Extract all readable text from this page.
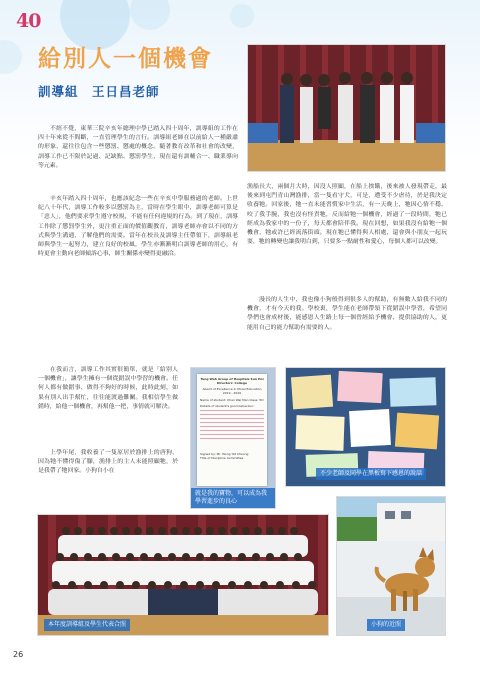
40
給別人一個機會
訓導組　王日昌老師

不經不覺，東華三院辛亥年總理中學已踏入四十周年，訓導組的工作在四十年來從不間斷，一直管理學生的言行。訓導組老師在以前給人一種嚴肅的形象，還往往包含一些懲罰、懲處的概念。隨著教育改革和社會的改變，訓導工作已不限於記過、記缺點、懲罰學生，現在還有訓輔合一、職業導向等元素。

辛亥年踏入四十周年，也應該紀念一些在辛亥中學服務過的老師。上世紀八十年代，訓導工作較多以懲罰為主，當時在學生眼中，訓導老師可算是「惡人」，他們要求學生遵守校規，不能有任何違規的行為。到了現在，訓導工作除了懲罰學生外，更注重正面的價值觀教育，訓導老師亦會以不同的方式與學生溝通，了解他們的需要。當年在校長及訓導主任帶領下，訓導組老師與學生一起努力，建立良好的校風，學生亦漸漸明白訓導老師的用心，有時更會主動向老師傾訴心事，師生關係亦變得更融洽。

在我而言，訓導工作其實很簡單，就是「給別人一個機會」，讓學生擁有一個從錯誤中學習的機會。任何人都有做錯事、做得不夠好的時候，此時此刻，如果有別人出手幫忙，往往能渡過難關。我相信學生做錯時，給他一個機會，再幫他一把，事情就可解決。

上學年尾，我收養了一隻原居於漁排上的唐狗，因為牠不懂得傷了腳，漁排上的主人未能照顧牠，於是我帶了牠回家。小狗自小在

漁船長大，兩個月大時，因沒人照顧，在船上挨餓，後來被人發現帶走，最後來到屯門青山灣漁排，當一隻看守犬，可是，遭受不少虐待，於是我決定收養牠。回家後，牠一直未能習慣家中生活，有一天晚上，牠因心情不穩，咬了我手腕，我也沒有怪責牠，反而給牠一個機會，經過了一段時間，牠已經成為我家中的一份子，每天都會陪伴我。現在回想，如果我沒有給牠一個機會，牠或許已經流落街頭。現在牠已懂得與人相處，還會與小朋友一起玩耍，牠的轉變也讓我明白到，只要多一點耐性和愛心，每個人都可以改變。

漫長的人生中，我也像小狗般得到很多人的幫助，有無數人給我不同的機會，才有今天的我。學校裏，學生能在老師帶領下從錯誤中學習，希望同學們也會成材後，能感恩人生路上每一個曾經給予機會，提供協助的人，更能用自己的能力幫助有需要的人。

Tung Wah Group of Hospitals Sun Hoi Directors' College
Award of Excellence in Moral Education 2019 - 2020
Name of student: Chan Wai Man Class: 5D
Details of student's good behaviour:
Signed by: Mr. Wong Yat Cheong
Title of Discipline Committee
就是我的寶物，可以成為我學習進步的良心
不少老師及同學在黑板寫下感恩的說話
本年度訓導組及學生代表合照	小狗的近照
26
